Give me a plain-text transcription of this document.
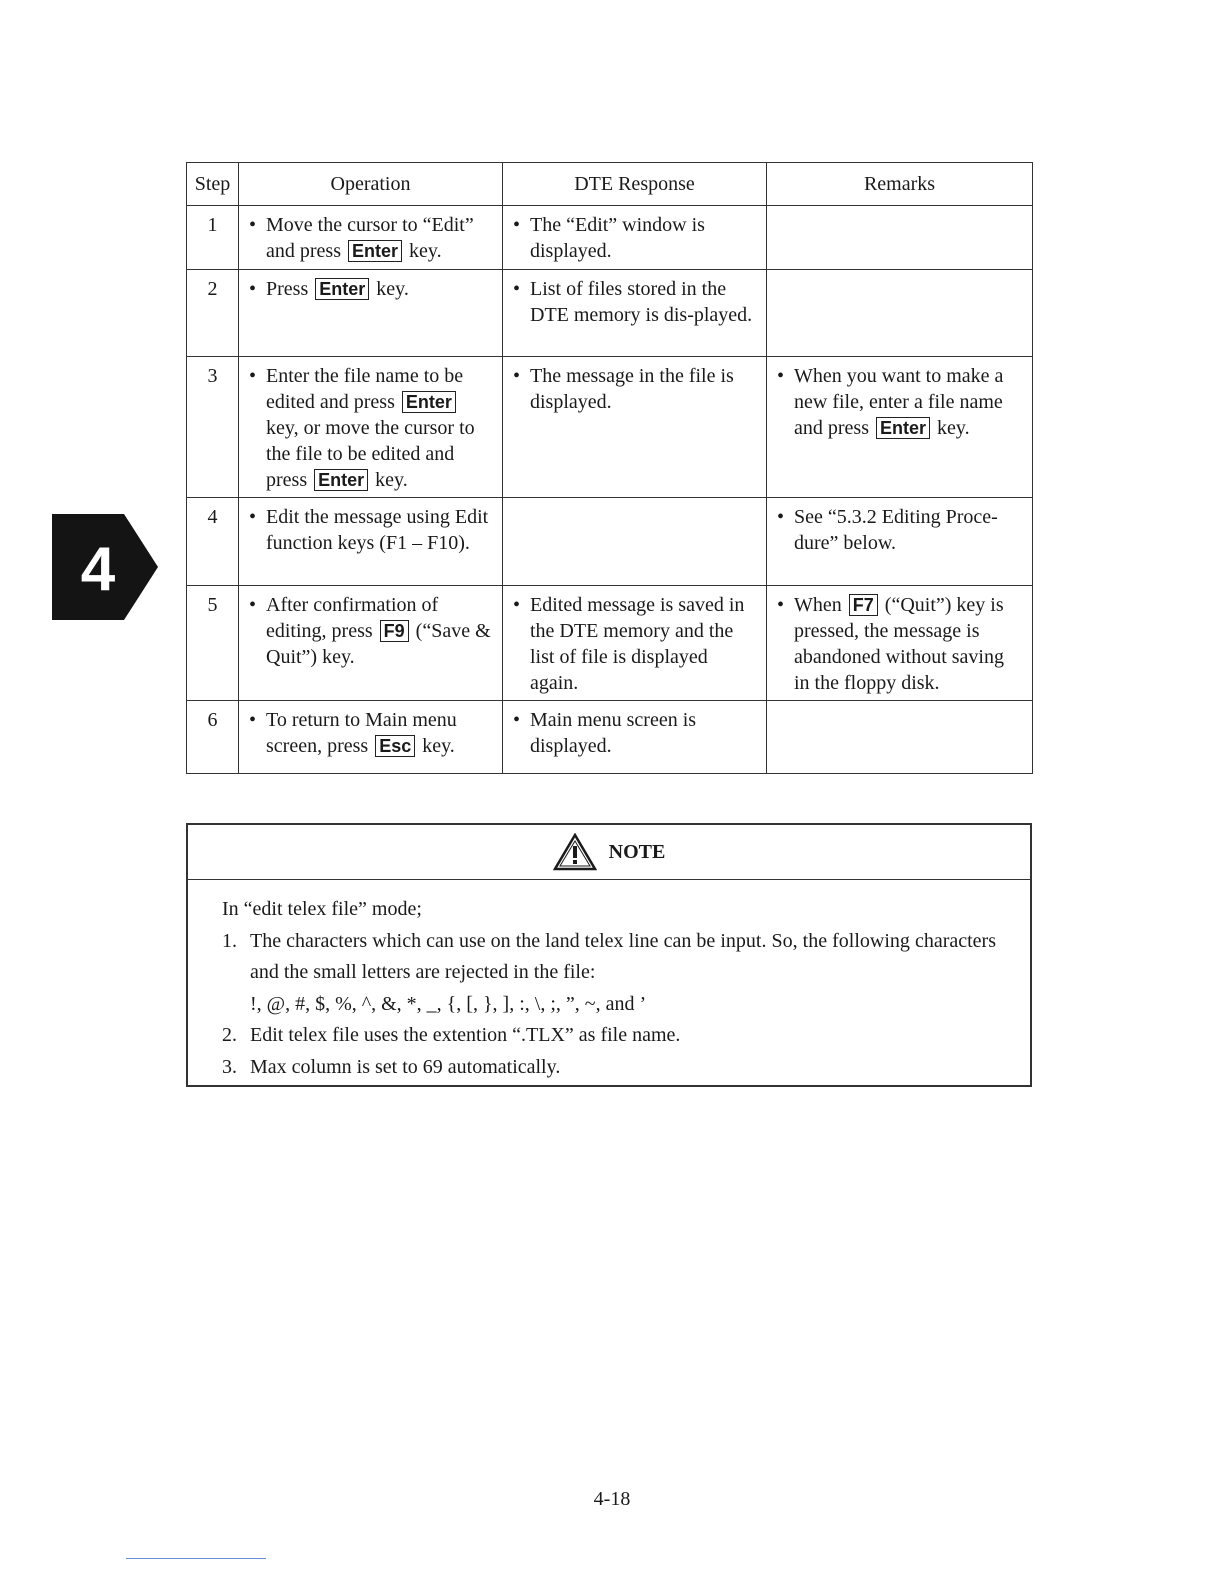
4
Step	Operation	DTE Response	Remarks
1	• Move the cursor to “Edit” and press Enter key.	• The “Edit” window is displayed.	

2	• Press Enter key.	• List of files stored in the DTE memory is dis-played.	

3	• Enter the file name to be edited and press Enter key, or move the cursor to the file to be edited and press Enter key.	• The message in the file is displayed.	• When you want to make a new file, enter a file name and press Enter key.

4	• Edit the message using Edit function keys (F1 – F10).		• See “5.3.2 Editing Proce-dure” below.

5	• After confirmation of editing, press F9 (“Save & Quit”) key.	• Edited message is saved in the DTE memory and the list of file is displayed again.	• When F7 (“Quit”) key is pressed, the message is abandoned without saving in the floppy disk.

6	• To return to Main menu screen, press Esc key.	• Main menu screen is displayed.	

NOTE
In “edit telex file” mode;
1. The characters which can use on the land telex line can be input. So, the following characters and the small letters are rejected in the file:
!, @, #, $, %, ^, &, *, _, {, [, }, ], :, \, ;, ”, ~, and ’
2. Edit telex file uses the extention “.TLX” as file name.
3. Max column is set to 69 automatically.
4-18
